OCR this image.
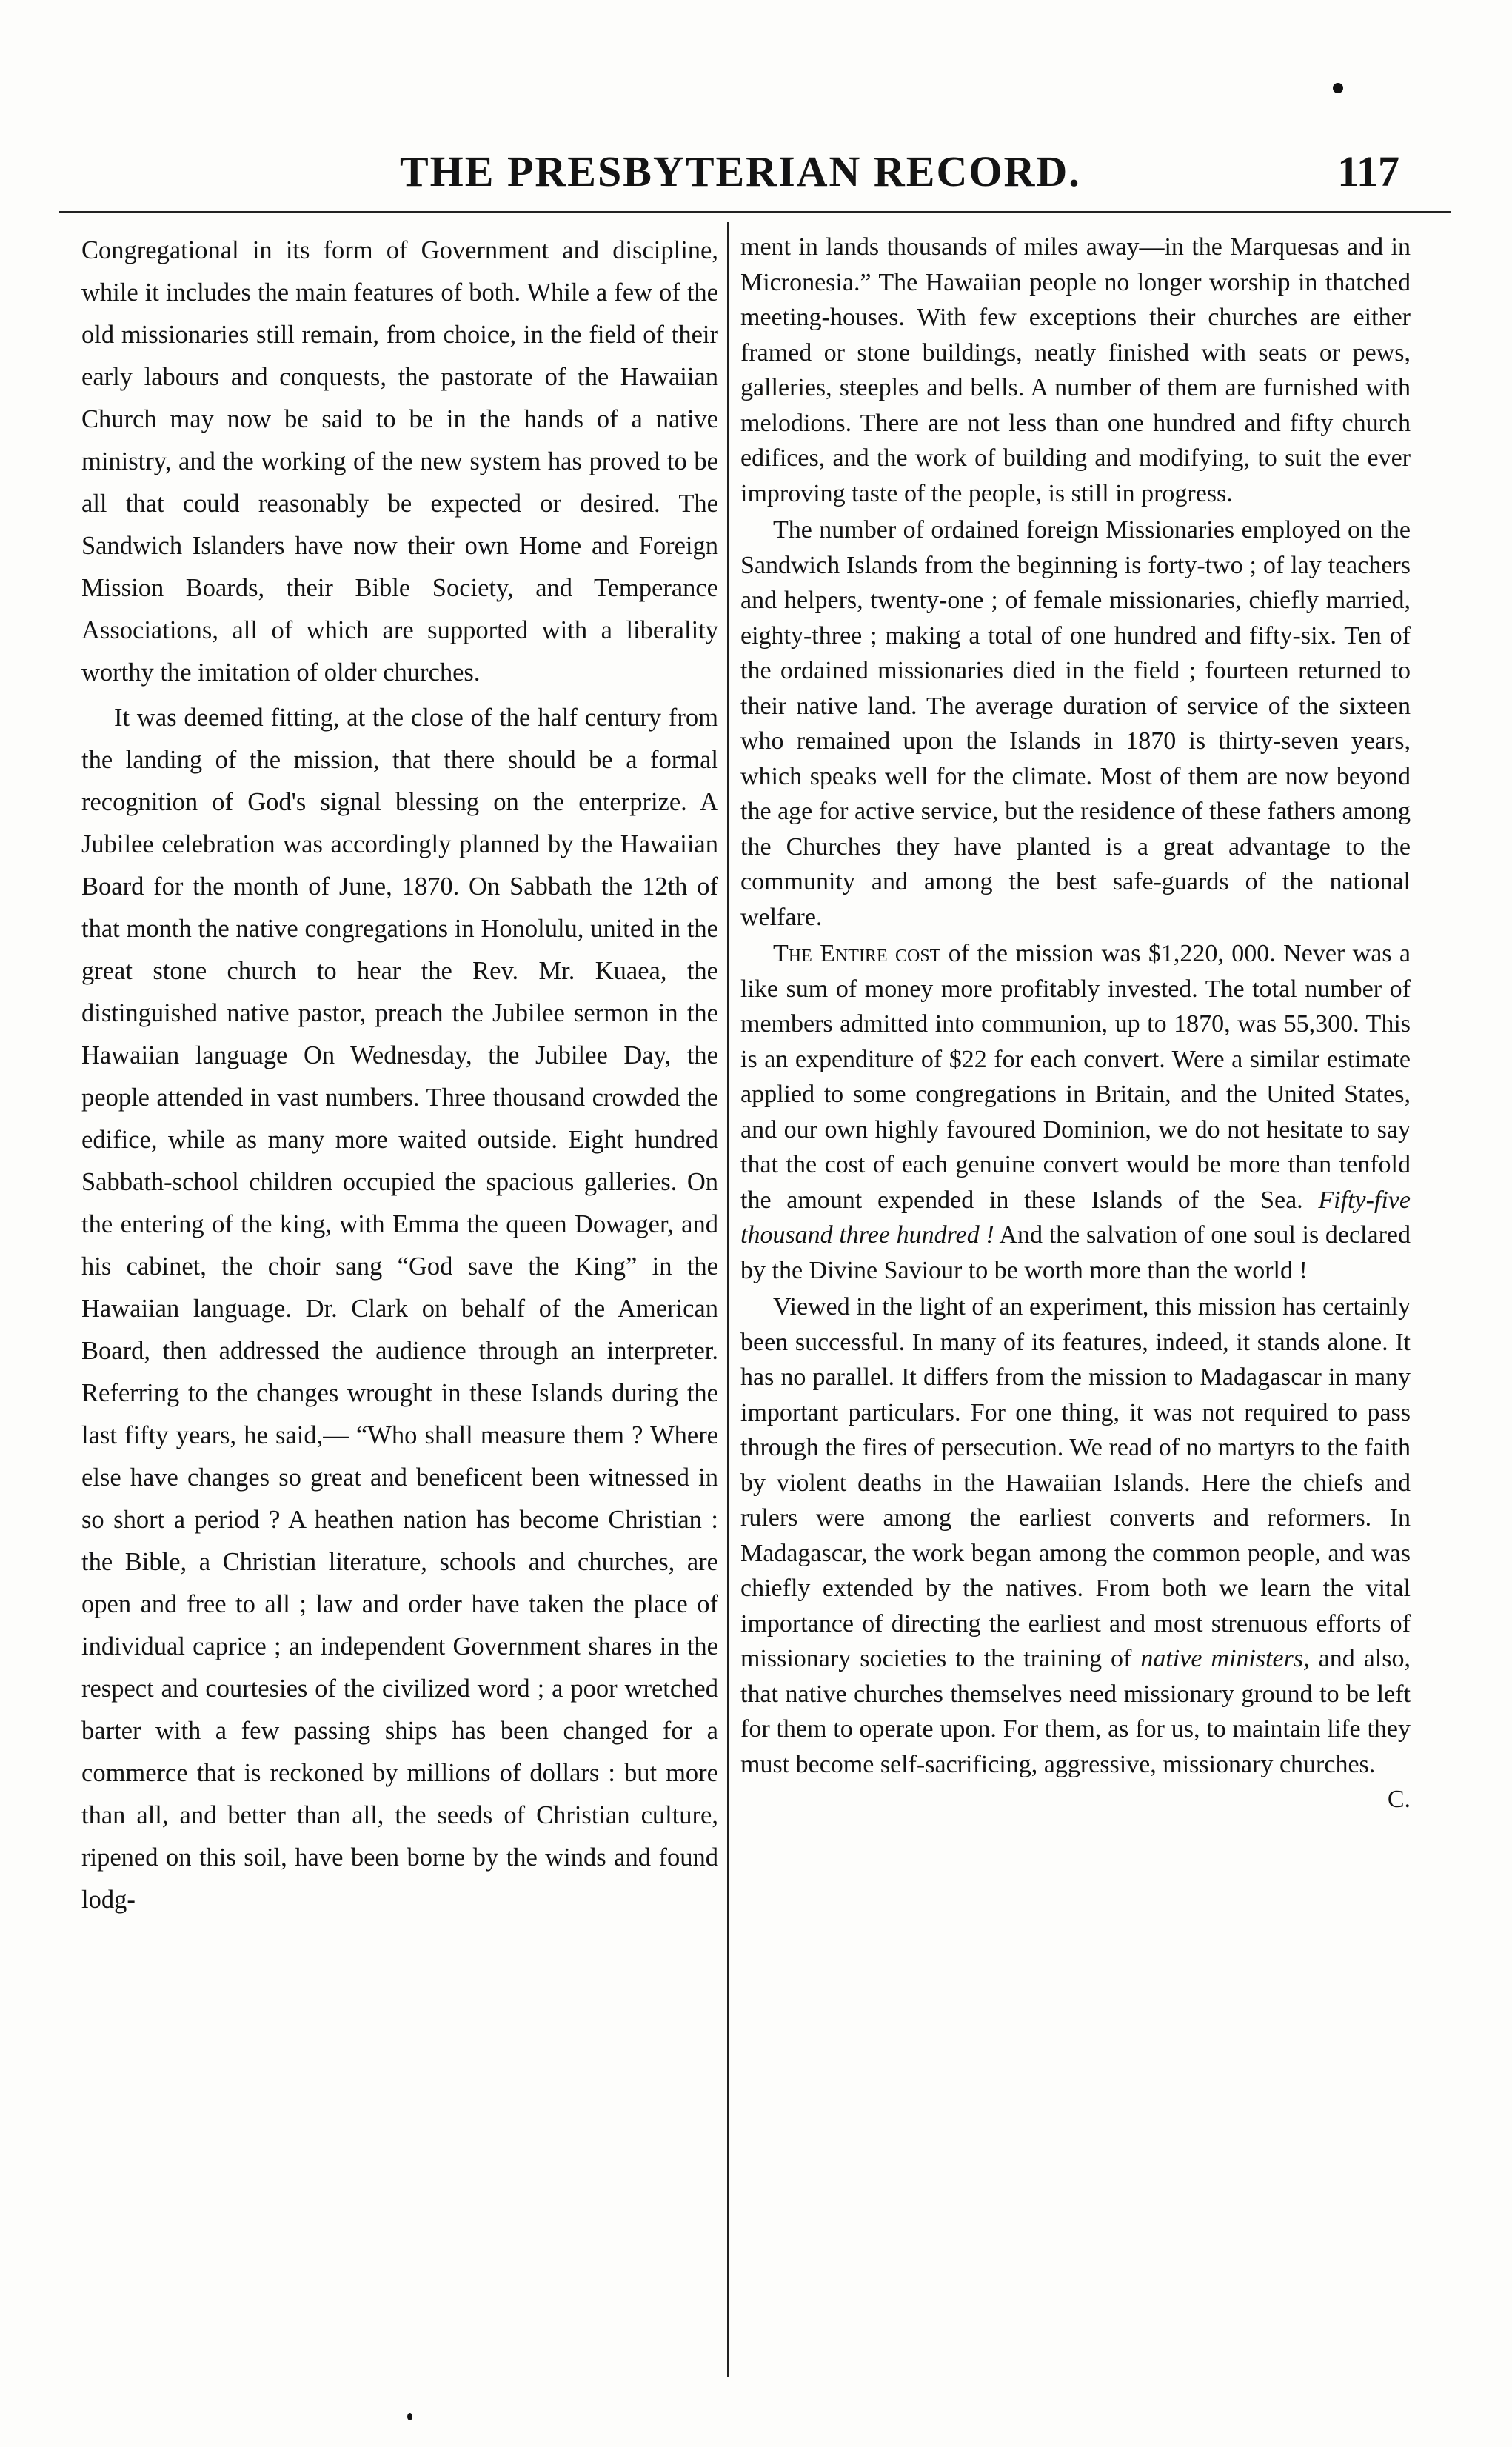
THE PRESBYTERIAN RECORD.	117

Congregational in its form of Government and discipline, while it includes the main features of both. While a few of the old missionaries still remain, from choice, in the field of their early labours and conquests, the pastorate of the Hawaiian Church may now be said to be in the hands of a native ministry, and the working of the new system has proved to be all that could reasonably be expected or desired. The Sandwich Islanders have now their own Home and Foreign Mission Boards, their Bible Society, and Temperance Associations, all of which are supported with a liberality worthy the imitation of older churches.

It was deemed fitting, at the close of the half century from the landing of the mission, that there should be a formal recognition of God's signal blessing on the enterprize. A Jubilee celebration was accordingly planned by the Hawaiian Board for the month of June, 1870. On Sabbath the 12th of that month the native congregations in Honolulu, united in the great stone church to hear the Rev. Mr. Kuaea, the distinguished native pastor, preach the Jubilee sermon in the Hawaiian language On Wednesday, the Jubilee Day, the people attended in vast numbers. Three thousand crowded the edifice, while as many more waited outside. Eight hundred Sabbath-school children occupied the spacious galleries. On the entering of the king, with Emma the queen Dowager, and his cabinet, the choir sang “God save the King” in the Hawaiian language. Dr. Clark on behalf of the American Board, then addressed the audience through an interpreter. Referring to the changes wrought in these Islands during the last fifty years, he said,— “Who shall measure them ? Where else have changes so great and beneficent been witnessed in so short a period ? A heathen nation has become Christian : the Bible, a Christian literature, schools and churches, are open and free to all ; law and order have taken the place of individual caprice ; an independent Government shares in the respect and courtesies of the civilized word ; a poor wretched barter with a few passing ships has been changed for a commerce that is reckoned by millions of dollars : but more than all, and better than all, the seeds of Christian culture, ripened on this soil, have been borne by the winds and found lodg-

ment in lands thousands of miles away—in the Marquesas and in Micronesia.” The Hawaiian people no longer worship in thatched meeting-houses. With few exceptions their churches are either framed or stone buildings, neatly finished with seats or pews, galleries, steeples and bells. A number of them are furnished with melodions. There are not less than one hundred and fifty church edifices, and the work of building and modifying, to suit the ever improving taste of the people, is still in progress.

The number of ordained foreign Missionaries employed on the Sandwich Islands from the beginning is forty-two ; of lay teachers and helpers, twenty-one ; of female missionaries, chiefly married, eighty-three ; making a total of one hundred and fifty-six. Ten of the ordained missionaries died in the field ; fourteen returned to their native land. The average duration of service of the sixteen who remained upon the Islands in 1870 is thirty-seven years, which speaks well for the climate. Most of them are now beyond the age for active service, but the residence of these fathers among the Churches they have planted is a great advantage to the community and among the best safe-guards of the national welfare.

The Entire cost of the mission was $1,220, 000. Never was a like sum of money more profitably invested. The total number of members admitted into communion, up to 1870, was 55,300. This is an expenditure of $22 for each convert. Were a similar estimate applied to some congregations in Britain, and the United States, and our own highly favoured Dominion, we do not hesitate to say that the cost of each genuine convert would be more than tenfold the amount expended in these Islands of the Sea. Fifty-five thousand three hundred ! And the salvation of one soul is declared by the Divine Saviour to be worth more than the world !

Viewed in the light of an experiment, this mission has certainly been successful. In many of its features, indeed, it stands alone. It has no parallel. It differs from the mission to Madagascar in many important particulars. For one thing, it was not required to pass through the fires of persecution. We read of no martyrs to the faith by violent deaths in the Hawaiian Islands. Here the chiefs and rulers were among the earliest converts and reformers. In Madagascar, the work began among the common people, and was chiefly extended by the natives. From both we learn the vital importance of directing the earliest and most strenuous efforts of missionary societies to the training of native ministers, and also, that native churches themselves need missionary ground to be left for them to operate upon. For them, as for us, to maintain life they must become self-sacrificing, aggressive, missionary churches.
C.
